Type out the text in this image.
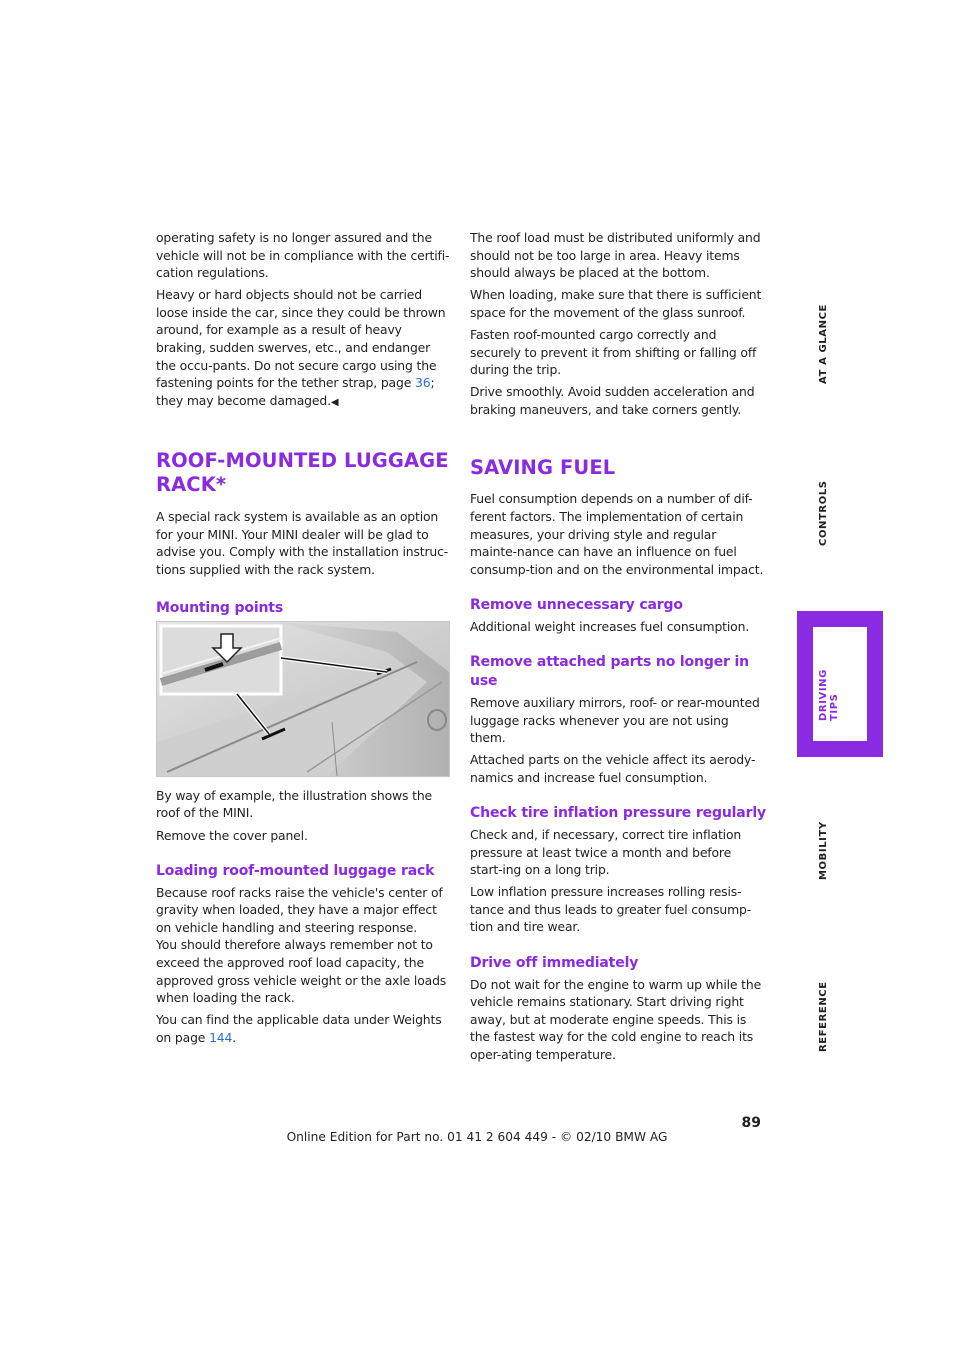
operating safety is no longer assured and the vehicle will not be in compliance with the certifi-cation regulations.

Heavy or hard objects should not be carried loose inside the car, since they could be thrown around, for example as a result of heavy braking, sudden swerves, etc., and endanger the occu-pants. Do not secure cargo using the fastening points for the tether strap, page 36; they may become damaged.◀

ROOF-MOUNTED LUGGAGE RACK*

A special rack system is available as an option for your MINI. Your MINI dealer will be glad to advise you. Comply with the installation instruc-tions supplied with the rack system.

Mounting points

By way of example, the illustration shows the roof of the MINI.

Remove the cover panel.

Loading roof-mounted luggage rack

Because roof racks raise the vehicle's center of gravity when loaded, they have a major effect on vehicle handling and steering response.

You should therefore always remember not to exceed the approved roof load capacity, the approved gross vehicle weight or the axle loads when loading the rack.

You can find the applicable data under Weights on page 144.

The roof load must be distributed uniformly and should not be too large in area. Heavy items should always be placed at the bottom.

When loading, make sure that there is sufficient space for the movement of the glass sunroof.

Fasten roof-mounted cargo correctly and securely to prevent it from shifting or falling off during the trip.

Drive smoothly. Avoid sudden acceleration and braking maneuvers, and take corners gently.

SAVING FUEL

Fuel consumption depends on a number of dif-ferent factors. The implementation of certain measures, your driving style and regular mainte-nance can have an influence on fuel consump-tion and on the environmental impact.

Remove unnecessary cargo

Additional weight increases fuel consumption.

Remove attached parts no longer in use

Remove auxiliary mirrors, roof- or rear-mounted luggage racks whenever you are not using them.

Attached parts on the vehicle affect its aerody-namics and increase fuel consumption.

Check tire inflation pressure regularly

Check and, if necessary, correct tire inflation pressure at least twice a month and before start-ing on a long trip.

Low inflation pressure increases rolling resis-tance and thus leads to greater fuel consump-tion and tire wear.

Drive off immediately

Do not wait for the engine to warm up while the vehicle remains stationary. Start driving right away, but at moderate engine speeds. This is the fastest way for the cold engine to reach its oper-ating temperature.

AT A GLANCE
CONTROLS
DRIVING TIPS
MOBILITY
REFERENCE
89
Online Edition for Part no. 01 41 2 604 449 - © 02/10 BMW AG
